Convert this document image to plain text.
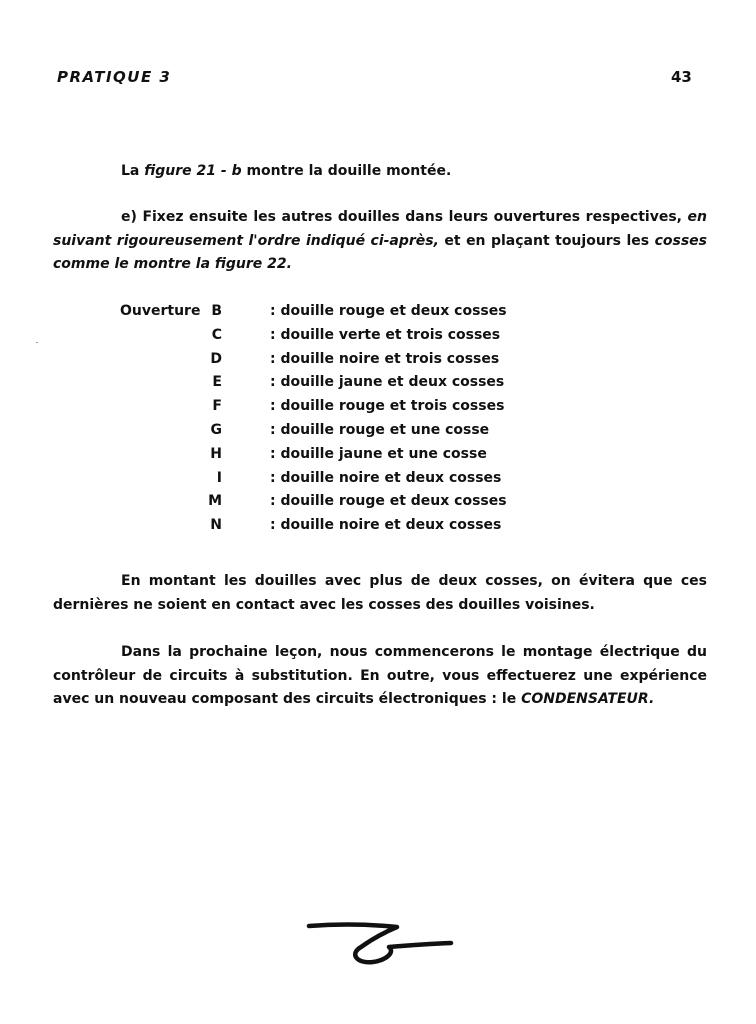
PRATIQUE 3	43
La figure 21 - b montre la douille montée.
e) Fixez ensuite les autres douilles dans leurs ouvertures respectives, en suivant rigoureusement l'ordre indiqué ci-après, et en plaçant toujours les cosses comme le montre la figure 22.
Ouverture B	: douille rouge et deux cosses
C	: douille verte et trois cosses
D	: douille noire et trois cosses
E	: douille jaune et deux cosses
F	: douille rouge et trois cosses
G	: douille rouge et une cosse
H	: douille jaune et une cosse
I	: douille noire et deux cosses
M	: douille rouge et deux cosses
N	: douille noire et deux cosses
En montant les douilles avec plus de deux cosses, on évitera que ces dernières ne soient en contact avec les cosses des douilles voisines.
Dans la prochaine leçon, nous commencerons le montage électrique du contrôleur de circuits à substitution. En outre, vous effectuerez une expérience avec un nouveau composant des circuits électroniques : le CONDENSATEUR.
